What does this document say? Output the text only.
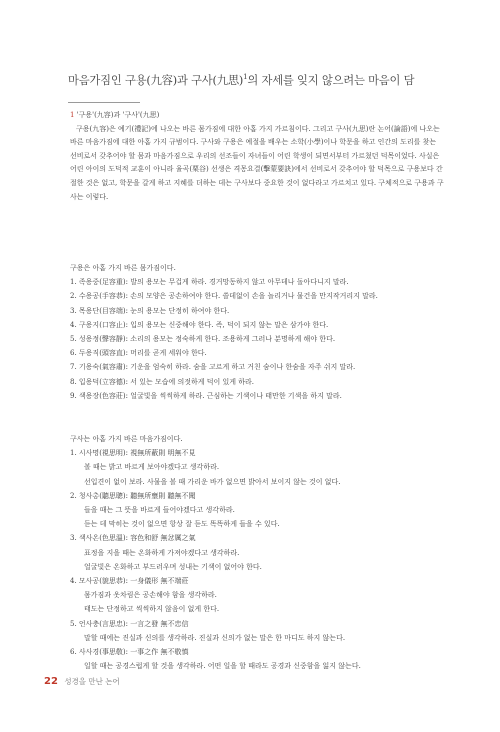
마음가짐인 구용(九容)과 구사(九思)$^1$의 자세를 잊지 않으려는 마음이 담
1 '구용'(九容)과 '구사'(九思)
구용(九容)은 예기(禮記)에 나오는 바른 몸가짐에 대한 아홉 가지 가르침이다. 그리고 구사(九思)란 논어(論語)에 나오는 바른 마음가짐에 대한 아홉 가지 규범이다. 구사와 구용은 예절을 배우는 소학(小學)이나 학문을 하고 인간의 도리를 찾는 선비로서 갖추어야 할 몸과 마음가짐으로 우리의 선조들이 자녀들이 어린 학생이 되면서부터 가르쳤던 덕목이었다. 사실은 어린 아이의 도덕적 교훈이 아니라 율곡(栗谷) 선생은 격몽요결(擊蒙要訣)에서 선비로서 갖추어야 할 덕목으로 구용보다 간절한 것은 없고, 학문을 갈게 하고 지혜를 더하는 데는 구사보다 중요한 것이 없다라고 가르치고 있다. 구체적으로 구용과 구사는 이렇다.
구용은 아홉 가지 바른 몸가짐이다.
1. 족용중(足容重): 발의 용모는 무겁게 하라. 경거망동하지 않고 아무데나 돌아다니지 말라.
2. 수용공(手容恭): 손의 모양은 공손하여야 한다. 쓸데없이 손을 놀리거나 물건을 만지작거리지 말라.
3. 목용단(目容端): 눈의 용모는 단정히 하여야 한다.
4. 구용지(口容止): 입의 용모는 신중해야 한다. 즉, 덕이 되지 않는 말은 삼가야 한다.
5. 성용정(聲容靜): 소리의 용모는 정숙하게 한다. 조용하게 그러나 분명하게 해야 한다.
6. 두용직(頭容直): 머리를 곧게 세워야 한다.
7. 기용숙(氣容肅): 기운을 엄숙히 하라. 숨을 고르게 하고 거친 숨이나 한숨을 자주 쉬지 말라.
8. 입용덕(立容德): 서 있는 모습에 의젓하게 덕이 있게 하라.
9. 색용장(色容莊): 얼굴빛을 씩씩하게 하라. 근심하는 기색이나 태만한 기색을 하지 말라.
구사는 아홉 가지 바른 마음가짐이다.
1. 시사명(視思明): 視無所蔽則 明無不見
볼 때는 밝고 바르게 보아야겠다고 생각하라.
선입견이 없이 보라. 사물을 볼 때 가리운 바가 없으면 밝아서 보이지 않는 것이 없다.
2. 청사총(聽思聰): 聽無所壅則 聽無不聞
들을 때는 그 뜻을 바르게 들어야겠다고 생각하라.
듣는 데 막히는 것이 없으면 항상 잘 듣도 똑똑하게 들을 수 있다.
3. 색사온(色思溫): 容色和舒 無忿厲之氣
표정을 지을 때는 온화하게 가져야겠다고 생각하라.
얼굴빛은 온화하고 부드러우며 성내는 기색이 없어야 한다.
4. 모사공(貌思恭): 一身儀形 無不端莊
몸가짐과 옷차림은 공손해야 함을 생각하라.
태도는 단정하고 씩씩하지 않음이 없게 한다.
5. 언사충(言思忠): 一言之發 無不忠信
말할 때에는 진실과 신의를 생각하라. 진실과 신의가 없는 말은 한 마디도 하지 않는다.
6. 사사경(事思敬): 一事之作 無不敬慎
일할 때는 공경스럽게 할 것을 생각하라. 어떤 일을 할 때라도 공경과 신중함을 잃지 않는다.
22 성경을 만난 논어
